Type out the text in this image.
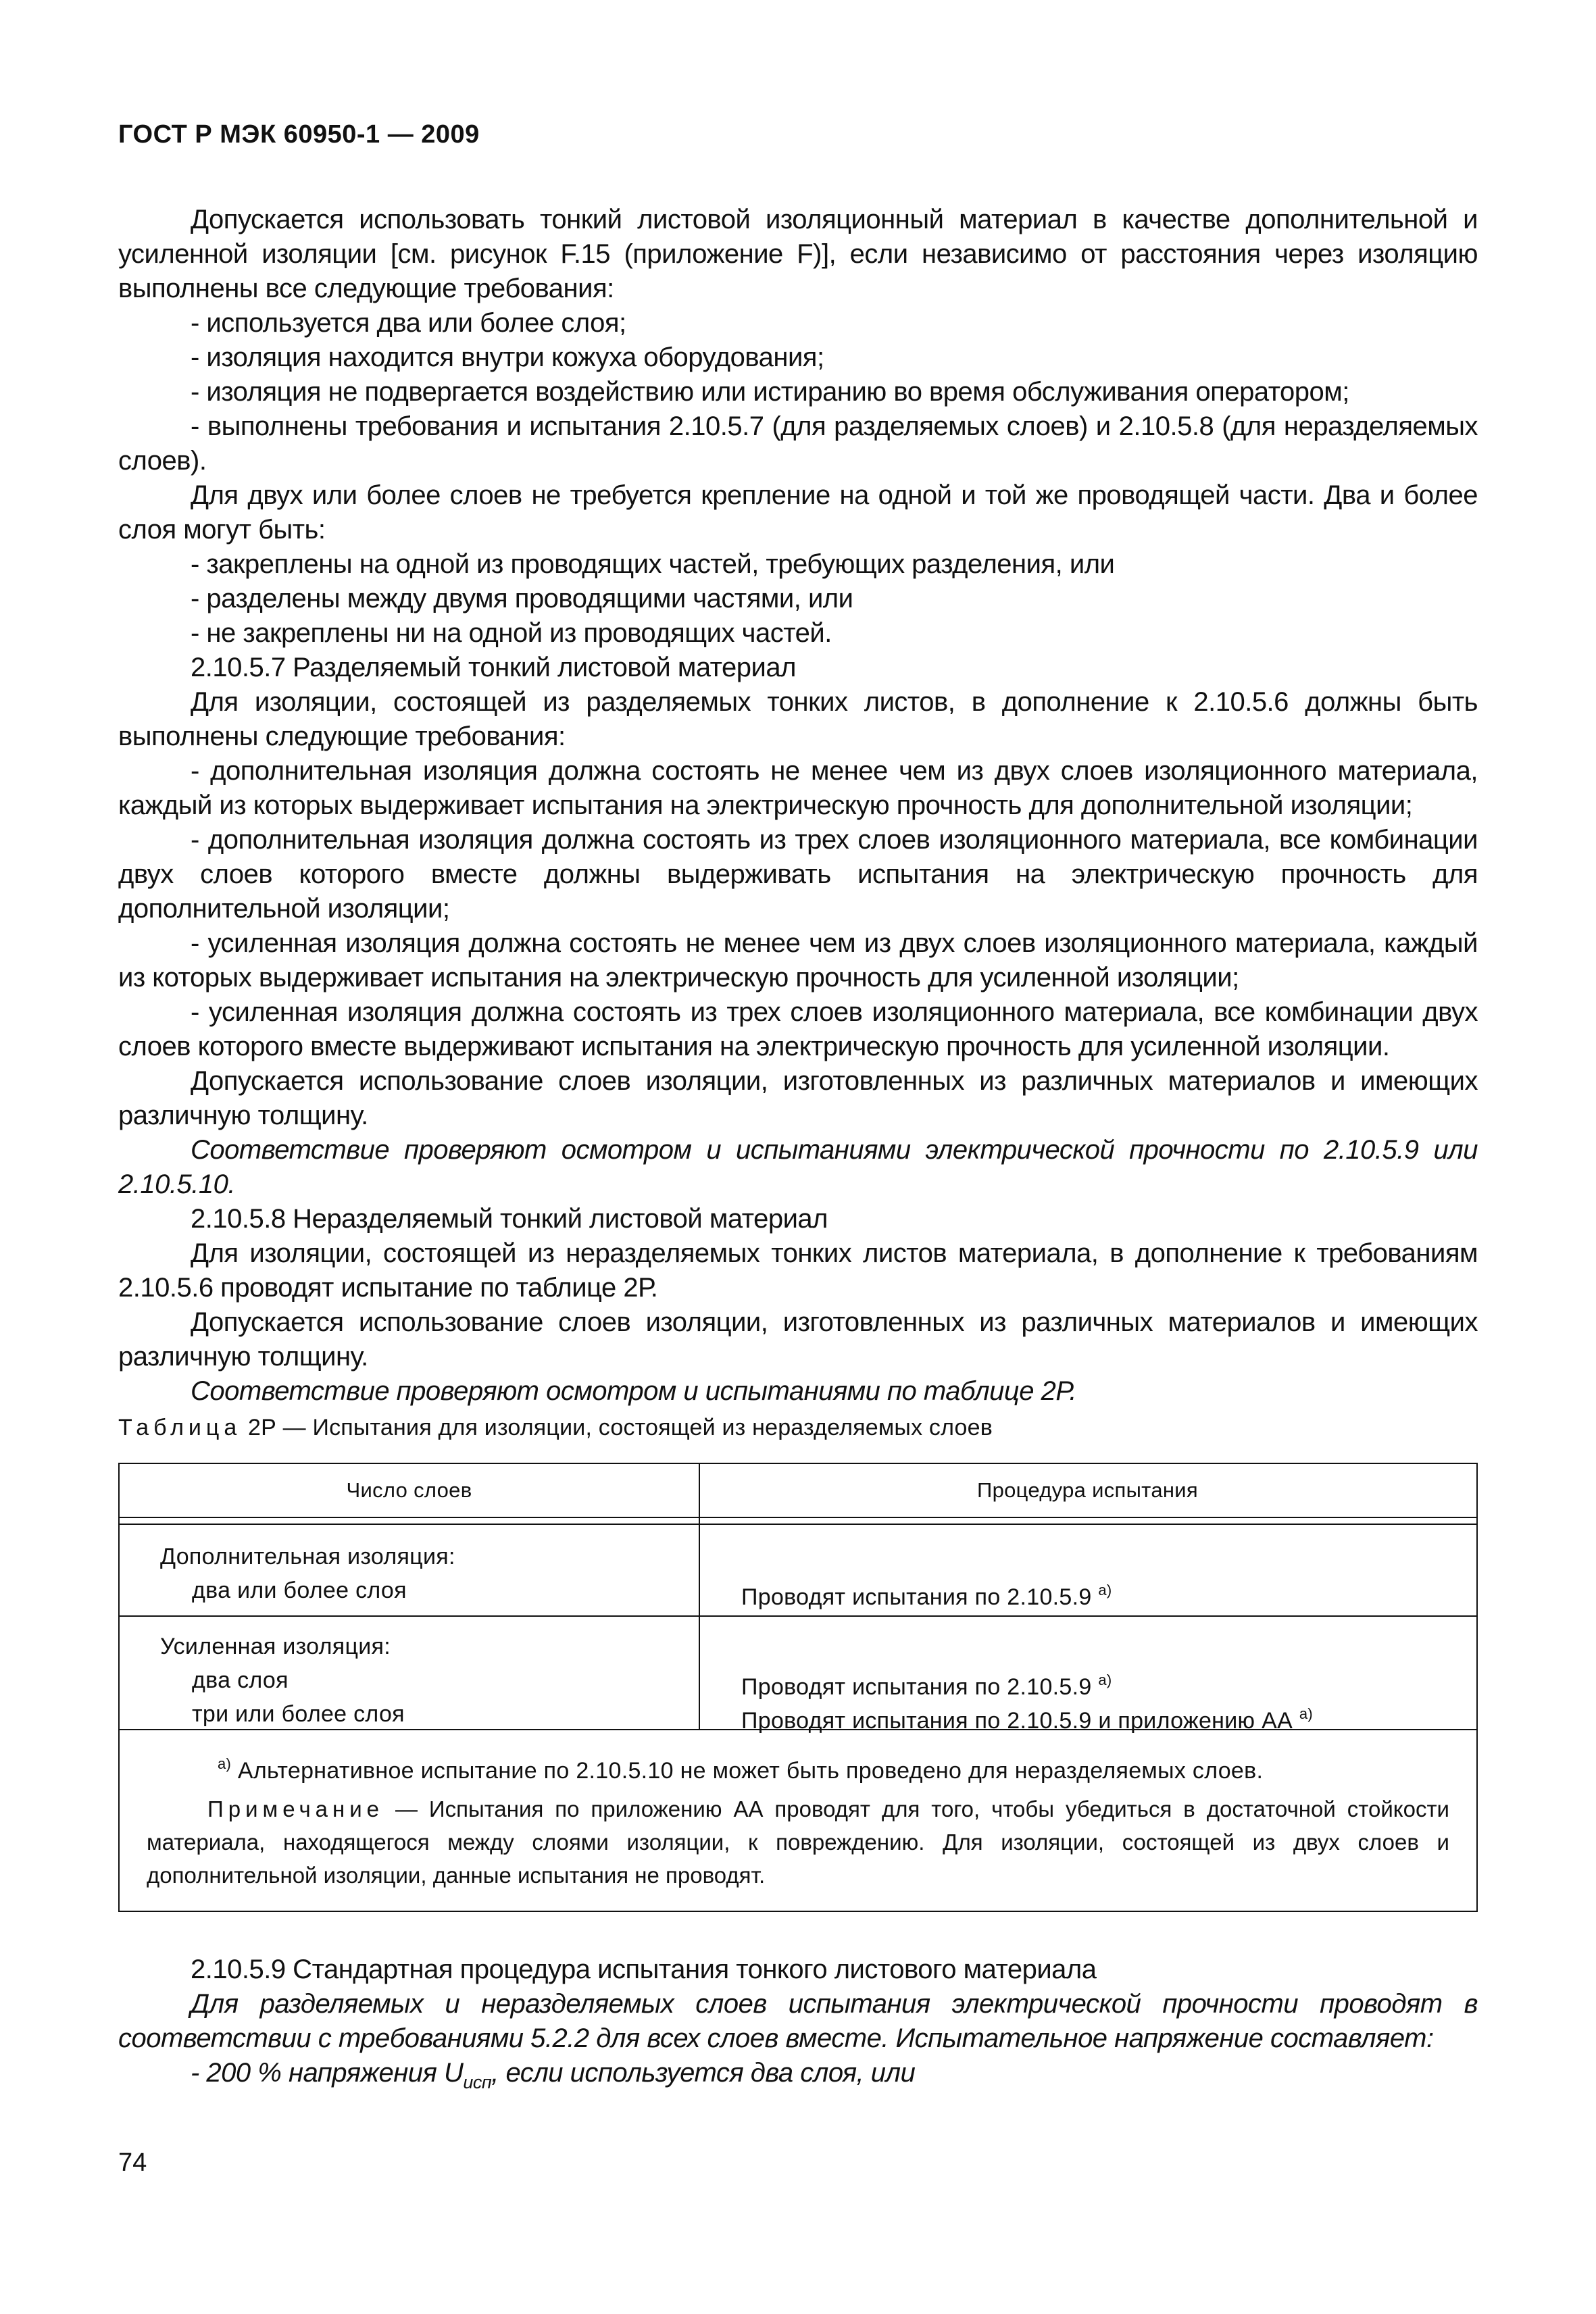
ГОСТ Р МЭК 60950-1 — 2009

Допускается использовать тонкий листовой изоляционный материал в качестве дополнительной и усиленной изоляции [см. рисунок F.15 (приложение F)], если независимо от расстояния через изоляцию выполнены все следующие требования:

- используется два или более слоя;

- изоляция находится внутри кожуха оборудования;

- изоляция не подвергается воздействию или истиранию во время обслуживания оператором;

- выполнены требования и испытания 2.10.5.7 (для разделяемых слоев) и 2.10.5.8 (для неразделяемых слоев).

Для двух или более слоев не требуется крепление на одной и той же проводящей части. Два и более слоя могут быть:

- закреплены на одной из проводящих частей, требующих разделения, или

- разделены между двумя проводящими частями, или

- не закреплены ни на одной из проводящих частей.

2.10.5.7 Разделяемый тонкий листовой материал

Для изоляции, состоящей из разделяемых тонких листов, в дополнение к 2.10.5.6 должны быть выполнены следующие требования:

- дополнительная изоляция должна состоять не менее чем из двух слоев изоляционного материала, каждый из которых выдерживает испытания на электрическую прочность для дополнительной изоляции;

- дополнительная изоляция должна состоять из трех слоев изоляционного материала, все комбинации двух слоев которого вместе должны выдерживать испытания на электрическую прочность для дополнительной изоляции;

- усиленная изоляция должна состоять не менее чем из двух слоев изоляционного материала, каждый из которых выдерживает испытания на электрическую прочность для усиленной изоляции;

- усиленная изоляция должна состоять из трех слоев изоляционного материала, все комбинации двух слоев которого вместе выдерживают испытания на электрическую прочность для усиленной изоляции.

Допускается использование слоев изоляции, изготовленных из различных материалов и имеющих различную толщину.

Соответствие проверяют осмотром и испытаниями электрической прочности по 2.10.5.9 или 2.10.5.10.

2.10.5.8 Неразделяемый тонкий листовой материал

Для изоляции, состоящей из неразделяемых тонких листов материала, в дополнение к требованиям 2.10.5.6 проводят испытание по таблице 2Р.

Допускается использование слоев изоляции, изготовленных из различных материалов и имеющих различную толщину.

Соответствие проверяют осмотром и испытаниями по таблице 2Р.

Таблица 2Р — Испытания для изоляции, состоящей из неразделяемых слоев
Число слоев	Процедура испытания
Дополнительная изоляция:
два или более слоя	Проводят испытания по 2.10.5.9 $^{a)}$
Усиленная изоляция:
два слоя
три или более слоя
Проводят испытания по 2.10.5.9 $^{a)}$
Проводят испытания по 2.10.5.9 и приложению АА $^{a)}$
$^{a)}$ Альтернативное испытание по 2.10.5.10 не может быть проведено для неразделяемых слоев.
Примечание — Испытания по приложению АА проводят для того, чтобы убедиться в достаточной стойкости материала, находящегося между слоями изоляции, к повреждению. Для изоляции, состоящей из двух слоев и дополнительной изоляции, данные испытания не проводят.

2.10.5.9 Стандартная процедура испытания тонкого листового материала

Для разделяемых и неразделяемых слоев испытания электрической прочности проводят в соответствии с требованиями 5.2.2 для всех слоев вместе. Испытательное напряжение составляет:

- 200 % напряжения $U_{исп}$, если используется два слоя, или

74
